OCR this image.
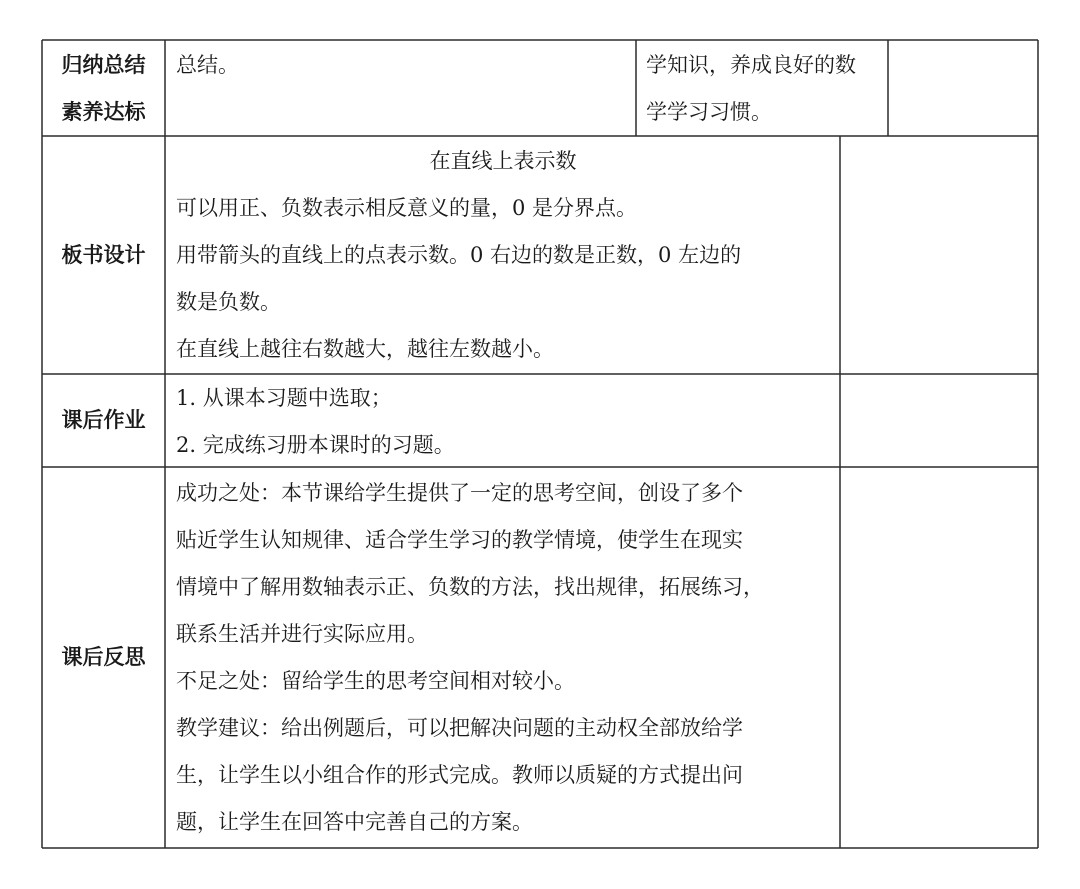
归纳总结
素养达标
总结。	学知识，养成良好的数
学学习习惯。
板书设计
在直线上表示数
可以用正、负数表示相反意义的量，0 是分界点。
用带箭头的直线上的点表示数。0 右边的数是正数，0 左边的
数是负数。
在直线上越往右数越大，越往左数越小。
课后作业
1. 从课本习题中选取；
2. 完成练习册本课时的习题。
课后反思
成功之处：本节课给学生提供了一定的思考空间，创设了多个
贴近学生认知规律、适合学生学习的教学情境，使学生在现实
情境中了解用数轴表示正、负数的方法，找出规律，拓展练习，
联系生活并进行实际应用。
不足之处：留给学生的思考空间相对较小。
教学建议：给出例题后，可以把解决问题的主动权全部放给学
生，让学生以小组合作的形式完成。教师以质疑的方式提出问
题，让学生在回答中完善自己的方案。
